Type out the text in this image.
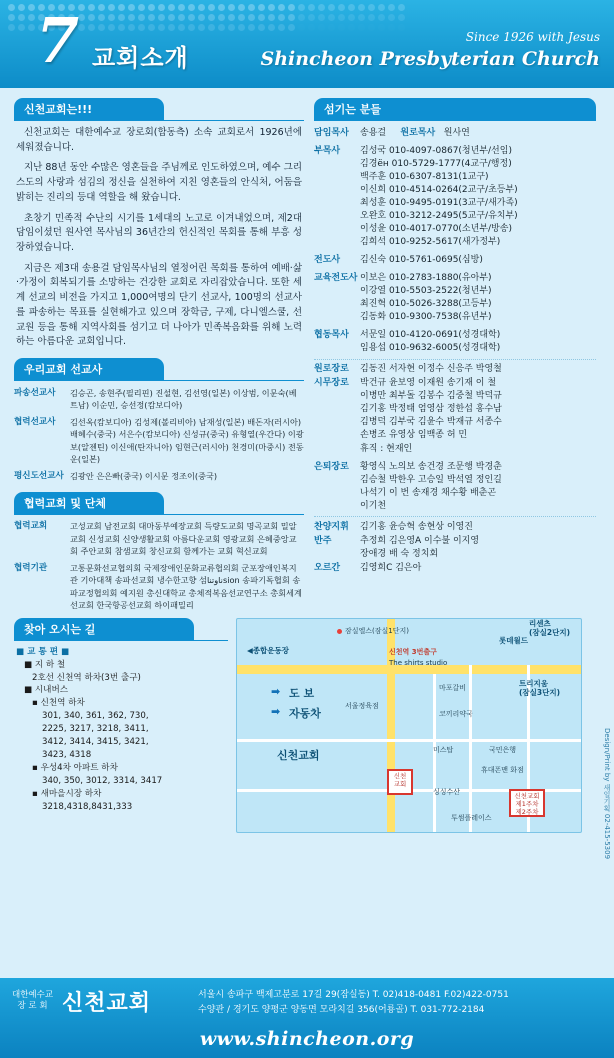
7 교회소개
Since 1926 with Jesus
Shincheon Presbyterian Church
신천교회는!!!

신천교회는 대한예수교 장로회(합동측) 소속 교회로서 1926년에 세워졌습니다.

지난 88년 동안 수많은 영혼들을 주님께로 인도하였으며, 예수 그리스도의 사랑과 섬김의 정신을 실천하여 지친 영혼들의 안식처, 어둠을 밝히는 진리의 등대 역할을 해 왔습니다.

초창기 민족적 수난의 시기를 1세대의 노고로 이겨내었으며, 제2대 담임이셨던 원사연 목사님의 36년간의 헌신적인 목회를 통해 부흥 성장하였습니다.

지금은 제3대 송용걸 담임목사님의 열정어린 목회를 통하여 예배·삶·가정이 회복되기를 소망하는 건강한 교회로 자리잡았습니다. 또한 세계 선교의 비전을 가지고 1,000여명의 단기 선교사, 100명의 선교사를 파송하는 목표를 실현해가고 있으며 장학금, 구제, 다니엘스쿨, 선교원 등을 통해 지역사회를 섬기고 더 나아가 민족복음화를 위해 노력하는 아름다운 교회입니다.

우리교회 선교사
파송선교사	김승곤, 송현주(필리핀) 진설현, 김선영(일본) 이상범, 이문숙(베트남) 이순민, 승선정(캄보디아)

협력선교사	김선옥(캄보디아) 김성제(볼리비아) 남재성(일본) 배돈자(러시아) 배혜수(중국) 서은수(캄보디아) 신성규(중국) 유형열(우간다) 이광보(알젠틴) 이신애(탄자니아) 임현근(러시아) 천경미(마중시) 전동운(일본)

평신도선교사	김광안 은은빠(중국) 이시문 정조이(중국)
협력교회 및 단체
협력교회	고성교회 남전교회 대마동부예장교회 득량도교회 명곡교회 밀알교회 신성교회 신양생활교회 아름다운교회 영광교회 은혜중앙교회 주안교회 참샘교회 창신교회 함께가는 교회 혁신교회

협력기관	고통문화선교협의회 국제장애인문화교류협의회 군포장애인복지관 기아대책 송파선교회 냉수한고향 섬ناوتناsion 송파기독협회 송파교정협의회 예지원 총신대학교 총체적복음선교연구소 총회세계선교회 한국항공선교회 하이패밀리
섬기는 분들
담임목사	송용걸 원로목사 원사연

부목사	김성국 010-4097-0867(청년부/선임)
김경ён 010-5729-1777(4교구/행정)
백주훈 010-6307-8131(1교구)
이신희 010-4514-0264(2교구/초등부)
최성훈 010-9495-0191(3교구/새가족)
오완호 010-3212-2495(5교구/유치부)
이성윤 010-4017-0770(소년부/방송)
김희석 010-9252-5617(새가정부)

전도사	김신숙 010-5761-0695(심방)

교육전도사	이보은 010-2783-1880(유아부)
이강열 010-5503-2522(청년부)
최진혁 010-5026-3288(고등부)
김동화 010-9300-7538(유년부)

협동목사	서문일 010-4120-0691(성경대학)
임용섭 010-9632-6005(성경대학)
원로장로	김동진 서자현 이정수 신응주 박영철
시무장로	박건규 윤보영 이재원 송기재 이 철
이병만 최부돌 김봉수 김중철 박덕규
김기홍 박정태 엄영삼 정한섭 홍수남
김병덕 김부국 김윤수 박재규 서종수
손병조 유영상 임백종 허 민
휴직 : 현재인

은퇴장로	황영식 노의보 송건경 조문행 박경춘
김승철 박한우 고승일 박석열 정인길
나석기 이 번 송재경 채수황 배춘곤
이기천
찬양지휘	김기홍 윤승혁 송현상 이영진
반주	추정희 김은영A 이수불 이지영
장애경 배 숙 정치회

오르간	김영희C 김은아
찾아 오시는 길
■ 교 통 편 ■
■ 지 하 철
2호선 신천역 하차(3번 출구)
■ 시내버스
▪ 신천역 하차
301, 340, 361, 362, 730,
2225, 3217, 3218, 3411,
3412, 3414, 3415, 3421,
3423, 4318
▪ 우성4차 아파트 하차
340, 350, 3012, 3314, 3417
▪ 새마을시장 하차
3218,4318,8431,333
잠실엘스(잠실1단지)
롯데월드
리센츠
(잠실2단지)
◀종합운동장	신천역 3번출구
The shirts studio
트리지움
(잠실3단지)
마포갈비
코끼리약국
서울정육점
미스탑	국민은행
휴대폰맨 화점
싱싱수산
투썸플레이스
➡ 도 보
➡ 자동차
신천교회
신천
교회
신천교회
제1주차
제2주차	Design/Print by 새일기획 02-415-5309
대한예수교
장 로 회 신천교회	서울시 송파구 백제고분로 17길 29(잠실동) T. 02)418-0481 F.02)422-0751
수양관 / 경기도 양평군 양동면 모라치길 356(어룡골) T. 031-772-2184
www.shincheon.org
